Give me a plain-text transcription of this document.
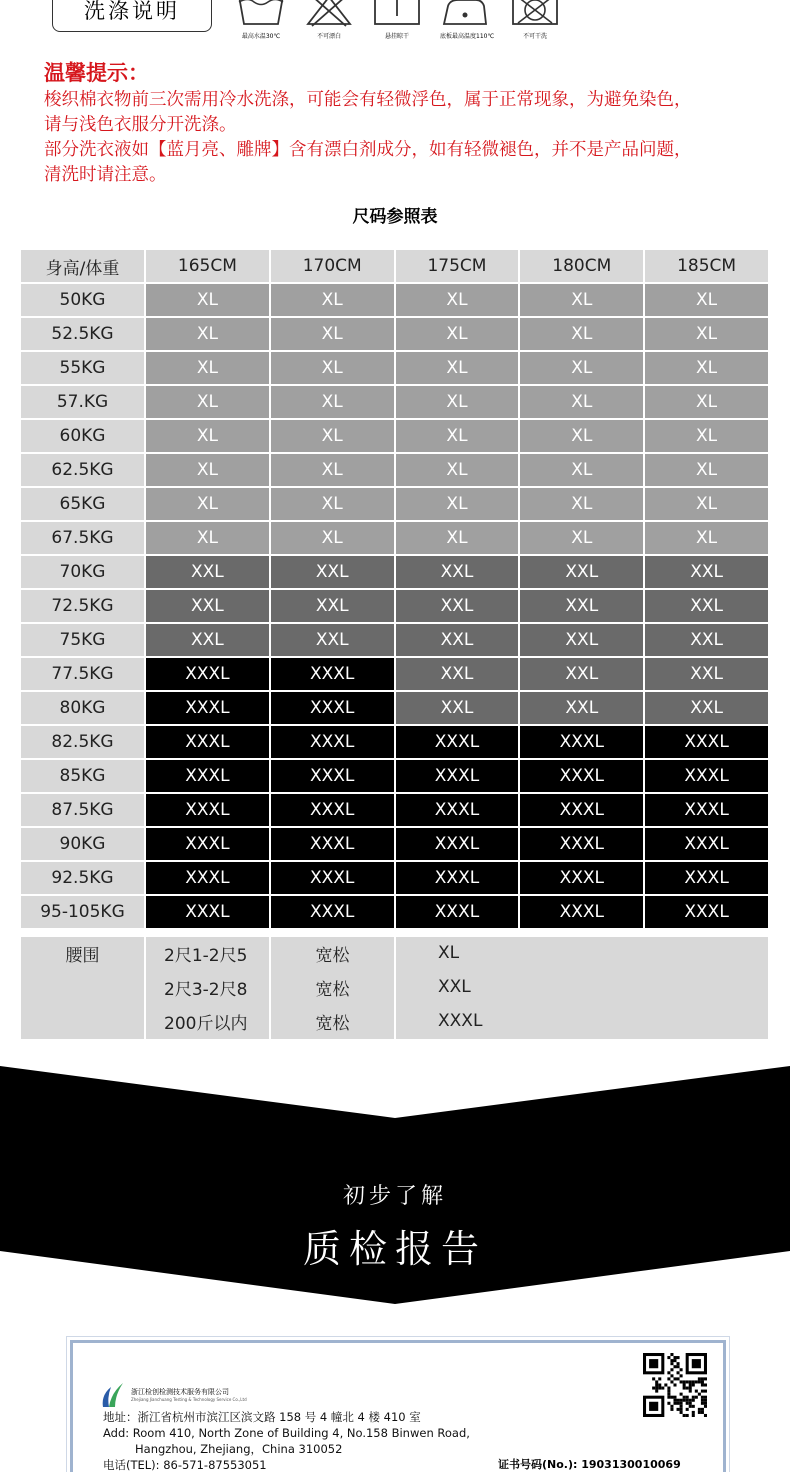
洗涤说明
最高水温30℃	不可漂白	悬挂晾干	底板最高温度110℃	不可干洗
温馨提示：

梭织棉衣物前三次需用冷水洗涤，可能会有轻微浮色，属于正常现象，为避免染色，

请与浅色衣服分开洗涤。

部分洗衣液如【蓝月亮、雕牌】含有漂白剂成分，如有轻微褪色，并不是产品问题，

清洗时请注意。

尺码参照表
身高/体重	165CM	170CM	175CM	180CM	185CM
50KG	XL	XL	XL	XL	XL
52.5KG	XL	XL	XL	XL	XL
55KG	XL	XL	XL	XL	XL
57.KG	XL	XL	XL	XL	XL
60KG	XL	XL	XL	XL	XL
62.5KG	XL	XL	XL	XL	XL
65KG	XL	XL	XL	XL	XL
67.5KG	XL	XL	XL	XL	XL
70KG	XXL	XXL	XXL	XXL	XXL
72.5KG	XXL	XXL	XXL	XXL	XXL
75KG	XXL	XXL	XXL	XXL	XXL
77.5KG	XXXL	XXXL	XXL	XXL	XXL
80KG	XXXL	XXXL	XXL	XXL	XXL
82.5KG	XXXL	XXXL	XXXL	XXXL	XXXL
85KG	XXXL	XXXL	XXXL	XXXL	XXXL
87.5KG	XXXL	XXXL	XXXL	XXXL	XXXL
90KG	XXXL	XXXL	XXXL	XXXL	XXXL
92.5KG	XXXL	XXXL	XXXL	XXXL	XXXL
95-105KG	XXXL	XXXL	XXXL	XXXL	XXXL
腰围	2尺1-2尺5	宽松	XL
	2尺3-2尺8	宽松	XXL
	200斤以内	宽松	XXXL
初步了解
质检报告
浙江检创检测技术服务有限公司
Zhejiang Jianchuang Testing & Technology Service Co.,Ltd
地址：浙江省杭州市滨江区滨文路 158 号 4 幢北 4 楼 410 室
Add: Room 410, North Zone of Building 4, No.158 Binwen Road,
Hangzhou, Zhejiang，China 310052
电话(TEL): 86-571-87553051	证书号码(No.): 1903130010069
